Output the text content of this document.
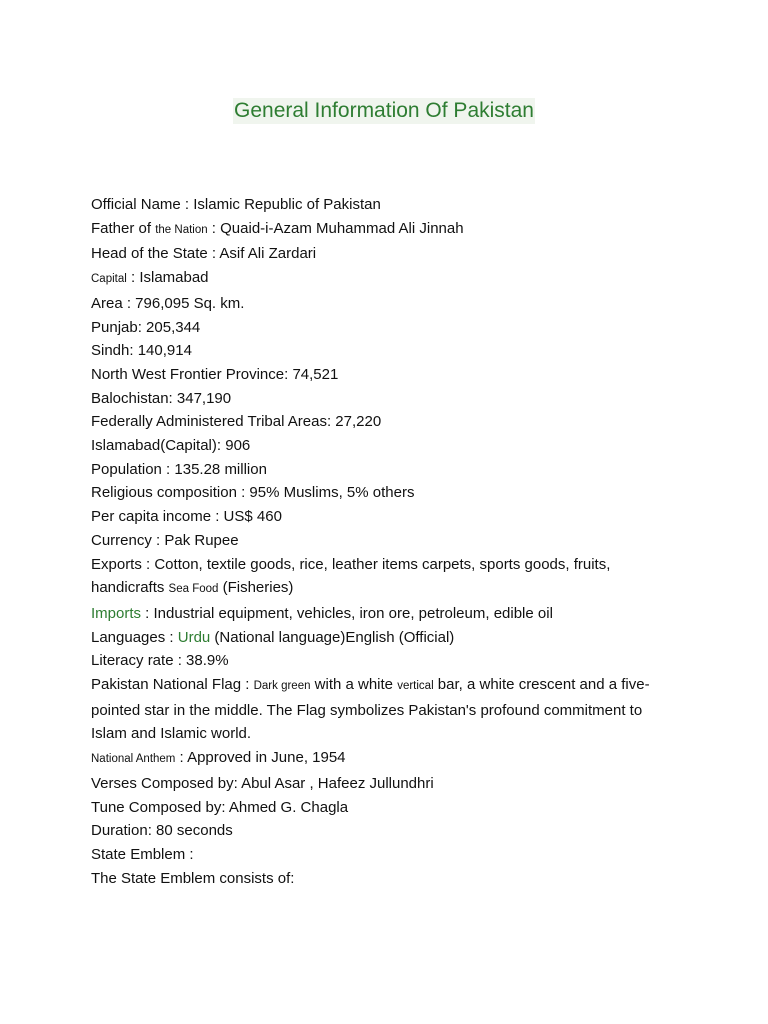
General Information Of Pakistan

Official Name : Islamic Republic of Pakistan

Father of the Nation : Quaid-i-Azam Muhammad Ali Jinnah

Head of the State : Asif Ali Zardari

Capital : Islamabad

Area : 796,095 Sq. km.

Punjab: 205,344

Sindh: 140,914

North West Frontier Province: 74,521

Balochistan: 347,190

Federally Administered Tribal Areas: 27,220

Islamabad(Capital): 906

Population : 135.28 million

Religious composition : 95% Muslims, 5% others

Per capita income : US$ 460

Currency : Pak Rupee

Exports : Cotton, textile goods, rice, leather items carpets, sports goods, fruits, handicrafts Sea Food (Fisheries)

Imports : Industrial equipment, vehicles, iron ore, petroleum, edible oil

Languages : Urdu (National language)English (Official)

Literacy rate : 38.9%

Pakistan National Flag : Dark green with a white vertical bar, a white crescent and a five-pointed star in the middle. The Flag symbolizes Pakistan's profound commitment to Islam and Islamic world.

National Anthem : Approved in June, 1954

Verses Composed by: Abul Asar , Hafeez Jullundhri

Tune Composed by: Ahmed G. Chagla

Duration: 80 seconds

State Emblem :

The State Emblem consists of:
